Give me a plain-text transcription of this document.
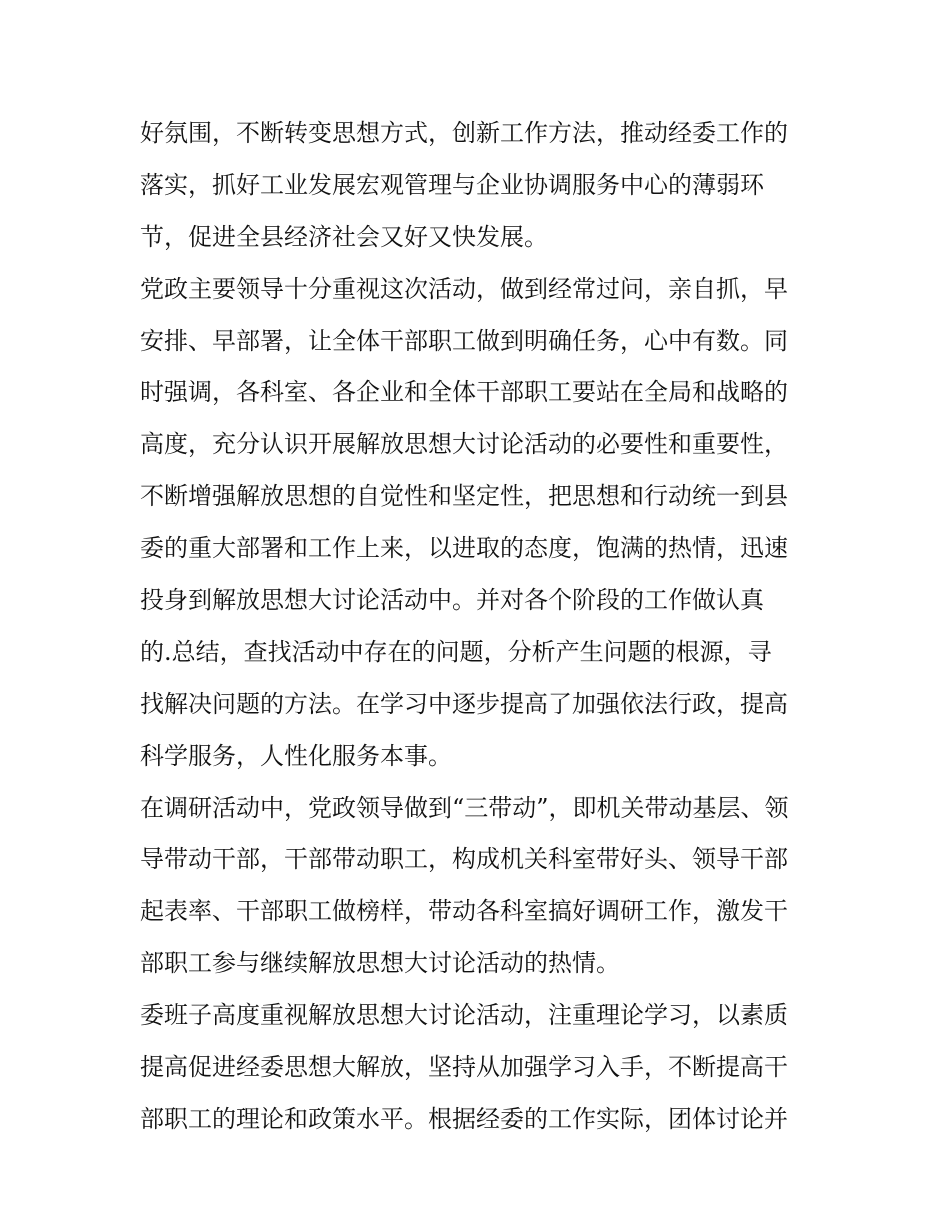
好氛围，不断转变思想方式，创新工作方法，推动经委工作的
落实，抓好工业发展宏观管理与企业协调服务中心的薄弱环
节，促进全县经济社会又好又快发展。
党政主要领导十分重视这次活动，做到经常过问，亲自抓，早
安排、早部署，让全体干部职工做到明确任务，心中有数。同
时强调，各科室、各企业和全体干部职工要站在全局和战略的
高度，充分认识开展解放思想大讨论活动的必要性和重要性，
不断增强解放思想的自觉性和坚定性，把思想和行动统一到县
委的重大部署和工作上来，以进取的态度，饱满的热情，迅速
投身到解放思想大讨论活动中。并对各个阶段的工作做认真
的.总结，查找活动中存在的问题，分析产生问题的根源，寻
找解决问题的方法。在学习中逐步提高了加强依法行政，提高
科学服务，人性化服务本事。
在调研活动中，党政领导做到“三带动”，即机关带动基层、领
导带动干部，干部带动职工，构成机关科室带好头、领导干部
起表率、干部职工做榜样，带动各科室搞好调研工作，激发干
部职工参与继续解放思想大讨论活动的热情。
委班子高度重视解放思想大讨论活动，注重理论学习，以素质
提高促进经委思想大解放，坚持从加强学习入手，不断提高干
部职工的理论和政策水平。根据经委的工作实际，团体讨论并
